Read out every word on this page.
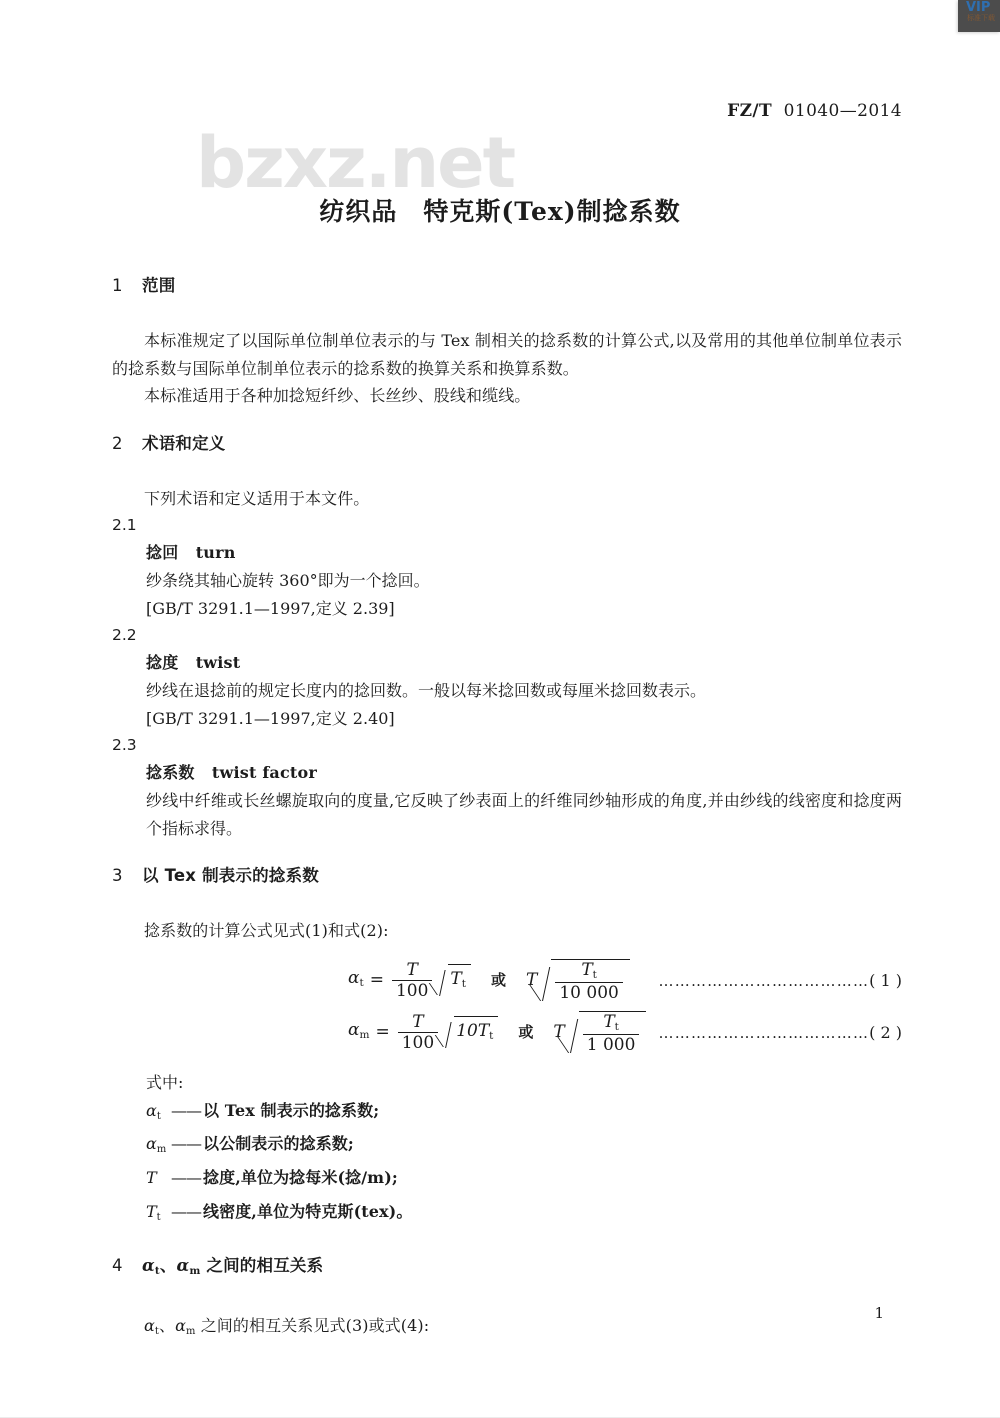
VIP
标准下载
bzxz.net
FZ/T 01040—2014
纺织品　特克斯(Tex)制捻系数
1 范围

本标准规定了以国际单位制单位表示的与 Tex 制相关的捻系数的计算公式,以及常用的其他单位制单位表示的捻系数与国际单位制单位表示的捻系数的换算关系和换算系数。

本标准适用于各种加捻短纤纱、长丝纱、股线和缆线。

2 术语和定义

下列术语和定义适用于本文件。

2.1

捻回 turn

纱条绕其轴心旋转 360°即为一个捻回。

[GB/T 3291.1—1997,定义 2.39]

2.2

捻度 twist

纱线在退捻前的规定长度内的捻回数。一般以每米捻回数或每厘米捻回数表示。

[GB/T 3291.1—1997,定义 2.40]

2.3

捻系数 twist factor

纱线中纤维或长丝螺旋取向的度量,它反映了纱表面上的纤维同纱轴形成的角度,并由纱线的线密度和捻度两个指标求得。

3 以 Tex 制表示的捻系数

捻系数的计算公式见式(1)和式(2):

$\alpha_t = \frac{T}{100} T_t$ 或 T $\frac{T_t}{10 000}$ ………………………………… ( 1 )
$\alpha_m = \frac{T}{100} 10T_t$ 或 T $\frac{T_t}{1 000}$ ………………………………… ( 2 )
式中:
$\alpha_t$ —— 以 Tex 制表示的捻系数;
$\alpha_m$ —— 以公制表示的捻系数;
T —— 捻度,单位为捻每米(捻/m);
$T_t$ —— 线密度,单位为特克斯(tex)。
4 $\alpha_t$、$\alpha_m$ 之间的相互关系

$\alpha_t$、$\alpha_m$ 之间的相互关系见式(3)或式(4):

1
